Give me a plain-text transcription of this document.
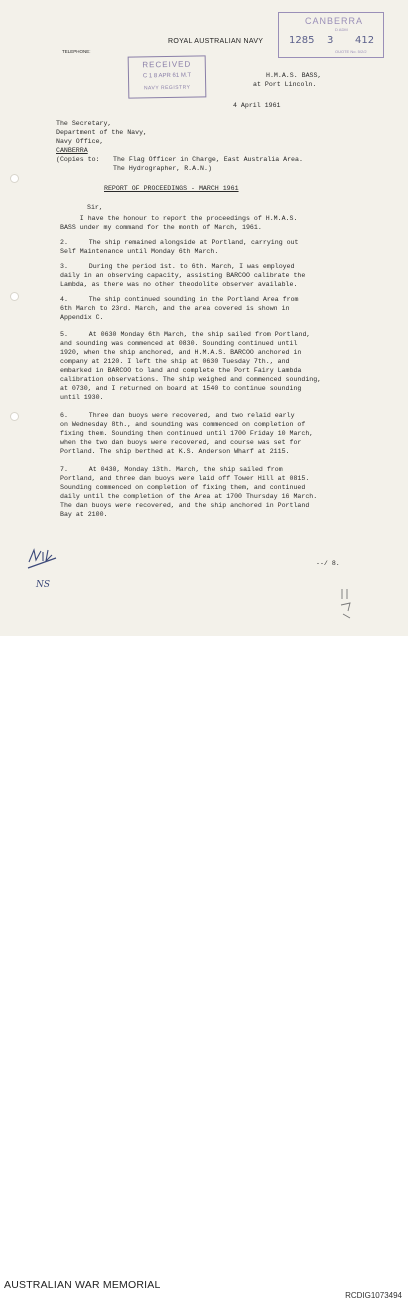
TELEPHONE:
ROYAL AUSTRALIAN NAVY
RECEIVED
C 1 8 APR 61 M.T
NAVY REGISTRY
CANBERRA
D ADM
1285 3 412
OUOTE No. 5/2/2
H.M.A.S. BASS,
at Port Lincoln.
4 April 1961
The Secretary,
Department of the Navy,
Navy Office,
CANBERRA
(Copies to: The Flag Officer in Charge, East Australia Area.
The Hydrographer, R.A.N.)
REPORT OF PROCEEDINGS - MARCH 1961
Sir,
I have the honour to report the proceedings of H.M.A.S.
BASS under my command for the month of March, 1961.
2. The ship remained alongside at Portland, carrying out
Self Maintenance until Monday 6th March.
3. During the period 1st. to 6th. March, I was employed
daily in an observing capacity, assisting BARCOO calibrate the
Lambda, as there was no other theodolite observer available.
4. The ship continued sounding in the Portland Area from
6th March to 23rd. March, and the area covered is shown in
Appendix C.
5. At 0630 Monday 6th March, the ship sailed from Portland,
and sounding was commenced at 0830. Sounding continued until
1920, when the ship anchored, and H.M.A.S. BARCOO anchored in
company at 2120. I left the ship at 0630 Tuesday 7th., and
embarked in BARCOO to land and complete the Port Fairy Lambda
calibration observations. The ship weighed and commenced sounding,
at 0730, and I returned on board at 1540 to continue sounding
until 1930.
6. Three dan buoys were recovered, and two relaid early
on Wednesday 8th., and sounding was commenced on completion of
fixing them. Sounding then continued until 1700 Friday 10 March,
when the two dan buoys were recovered, and course was set for
Portland. The ship berthed at K.S. Anderson Wharf at 2115.
7. At 0430, Monday 13th. March, the ship sailed from
Portland, and three dan buoys were laid off Tower Hill at 0815.
Sounding commenced on completion of fixing them, and continued
daily until the completion of the Area at 1700 Thursday 16 March.
The dan buoys were recovered, and the ship anchored in Portland
Bay at 2100.
--/ 8.
NS
AUSTRALIAN WAR MEMORIAL
RCDIG1073494
